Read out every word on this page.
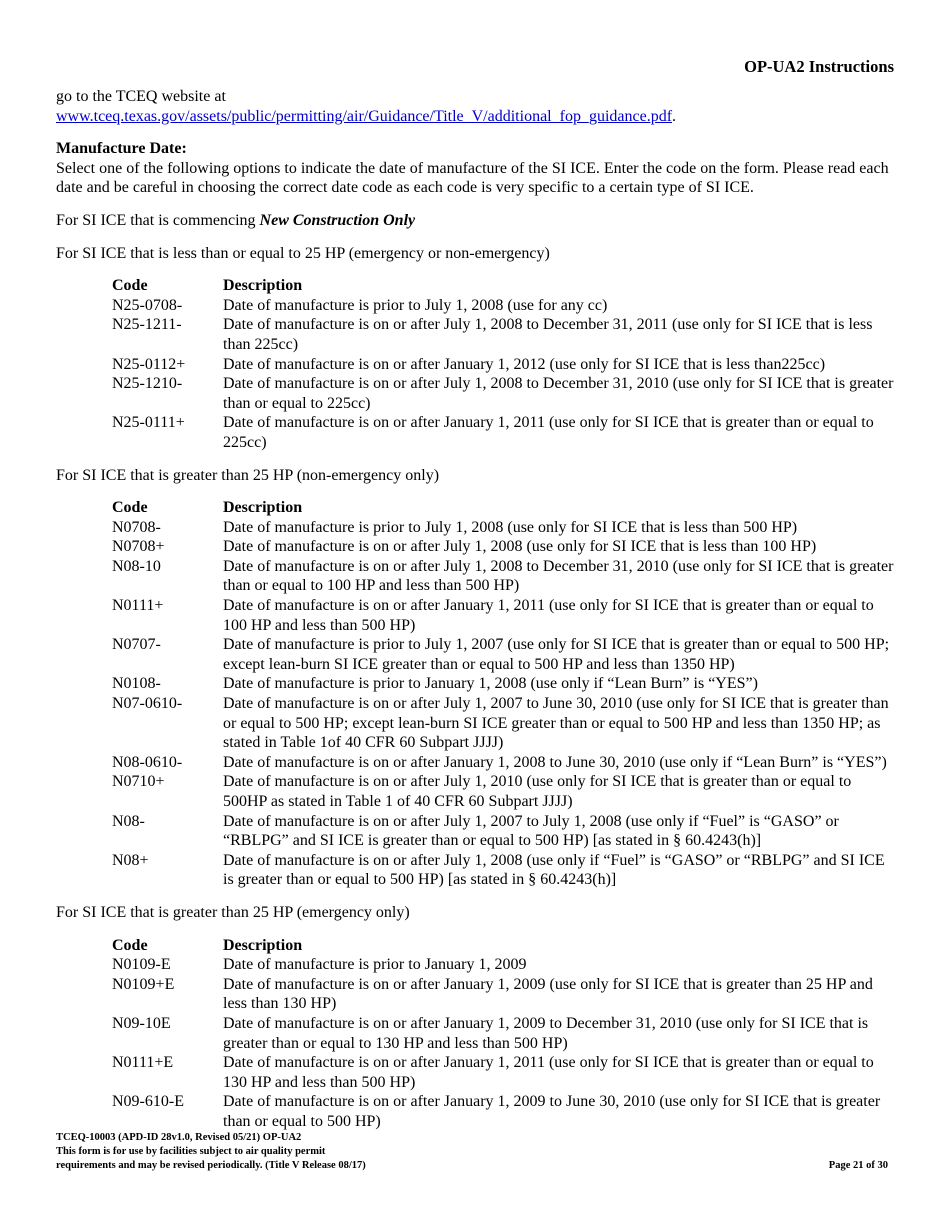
OP-UA2 Instructions

go to the TCEQ website at

www.tceq.texas.gov/assets/public/permitting/air/Guidance/Title_V/additional_fop_guidance.pdf.

Manufacture Date:

Select one of the following options to indicate the date of manufacture of the SI ICE. Enter the code on the form. Please read each date and be careful in choosing the correct date code as each code is very specific to a certain type of SI ICE.

For SI ICE that is commencing New Construction Only

For SI ICE that is less than or equal to 25 HP (emergency or non-emergency)

Code	Description
N25-0708-	Date of manufacture is prior to July 1, 2008 (use for any cc)
N25-1211-	Date of manufacture is on or after July 1, 2008 to December 31, 2011 (use only for SI ICE that is less than 225cc)
N25-0112+	Date of manufacture is on or after January 1, 2012 (use only for SI ICE that is less than225cc)
N25-1210-	Date of manufacture is on or after July 1, 2008 to December 31, 2010 (use only for SI ICE that is greater than or equal to 225cc)
N25-0111+	Date of manufacture is on or after January 1, 2011 (use only for SI ICE that is greater than or equal to 225cc)

For SI ICE that is greater than 25 HP (non-emergency only)

Code	Description
N0708-	Date of manufacture is prior to July 1, 2008 (use only for SI ICE that is less than 500 HP)
N0708+	Date of manufacture is on or after July 1, 2008 (use only for SI ICE that is less than 100 HP)
N08-10	Date of manufacture is on or after July 1, 2008 to December 31, 2010 (use only for SI ICE that is greater than or equal to 100 HP and less than 500 HP)
N0111+	Date of manufacture is on or after January 1, 2011 (use only for SI ICE that is greater than or equal to 100 HP and less than 500 HP)
N0707-	Date of manufacture is prior to July 1, 2007 (use only for SI ICE that is greater than or equal to 500 HP; except lean-burn SI ICE greater than or equal to 500 HP and less than 1350 HP)
N0108-	Date of manufacture is prior to January 1, 2008 (use only if “Lean Burn” is “YES”)
N07-0610-	Date of manufacture is on or after July 1, 2007 to June 30, 2010 (use only for SI ICE that is greater than or equal to 500 HP; except lean-burn SI ICE greater than or equal to 500 HP and less than 1350 HP; as stated in Table 1of 40 CFR 60 Subpart JJJJ)
N08-0610-	Date of manufacture is on or after January 1, 2008 to June 30, 2010 (use only if “Lean Burn” is “YES”)
N0710+	Date of manufacture is on or after July 1, 2010 (use only for SI ICE that is greater than or equal to 500HP as stated in Table 1 of 40 CFR 60 Subpart JJJJ)
N08-	Date of manufacture is on or after July 1, 2007 to July 1, 2008 (use only if “Fuel” is “GASO” or “RBLPG” and SI ICE is greater than or equal to 500 HP) [as stated in § 60.4243(h)]
N08+	Date of manufacture is on or after July 1, 2008 (use only if “Fuel” is “GASO” or “RBLPG” and SI ICE is greater than or equal to 500 HP) [as stated in § 60.4243(h)]

For SI ICE that is greater than 25 HP (emergency only)

Code	Description
N0109-E	Date of manufacture is prior to January 1, 2009
N0109+E	Date of manufacture is on or after January 1, 2009 (use only for SI ICE that is greater than 25 HP and less than 130 HP)
N09-10E	Date of manufacture is on or after January 1, 2009 to December 31, 2010 (use only for SI ICE that is greater than or equal to 130 HP and less than 500 HP)
N0111+E	Date of manufacture is on or after January 1, 2011 (use only for SI ICE that is greater than or equal to 130 HP and less than 500 HP)
N09-610-E	Date of manufacture is on or after January 1, 2009 to June 30, 2010 (use only for SI ICE that is greater than or equal to 500 HP)
TCEQ-10003 (APD-ID 28v1.0, Revised 05/21) OP-UA2
This form is for use by facilities subject to air quality permit
requirements and may be revised periodically. (Title V Release 08/17)	Page 21 of 30
